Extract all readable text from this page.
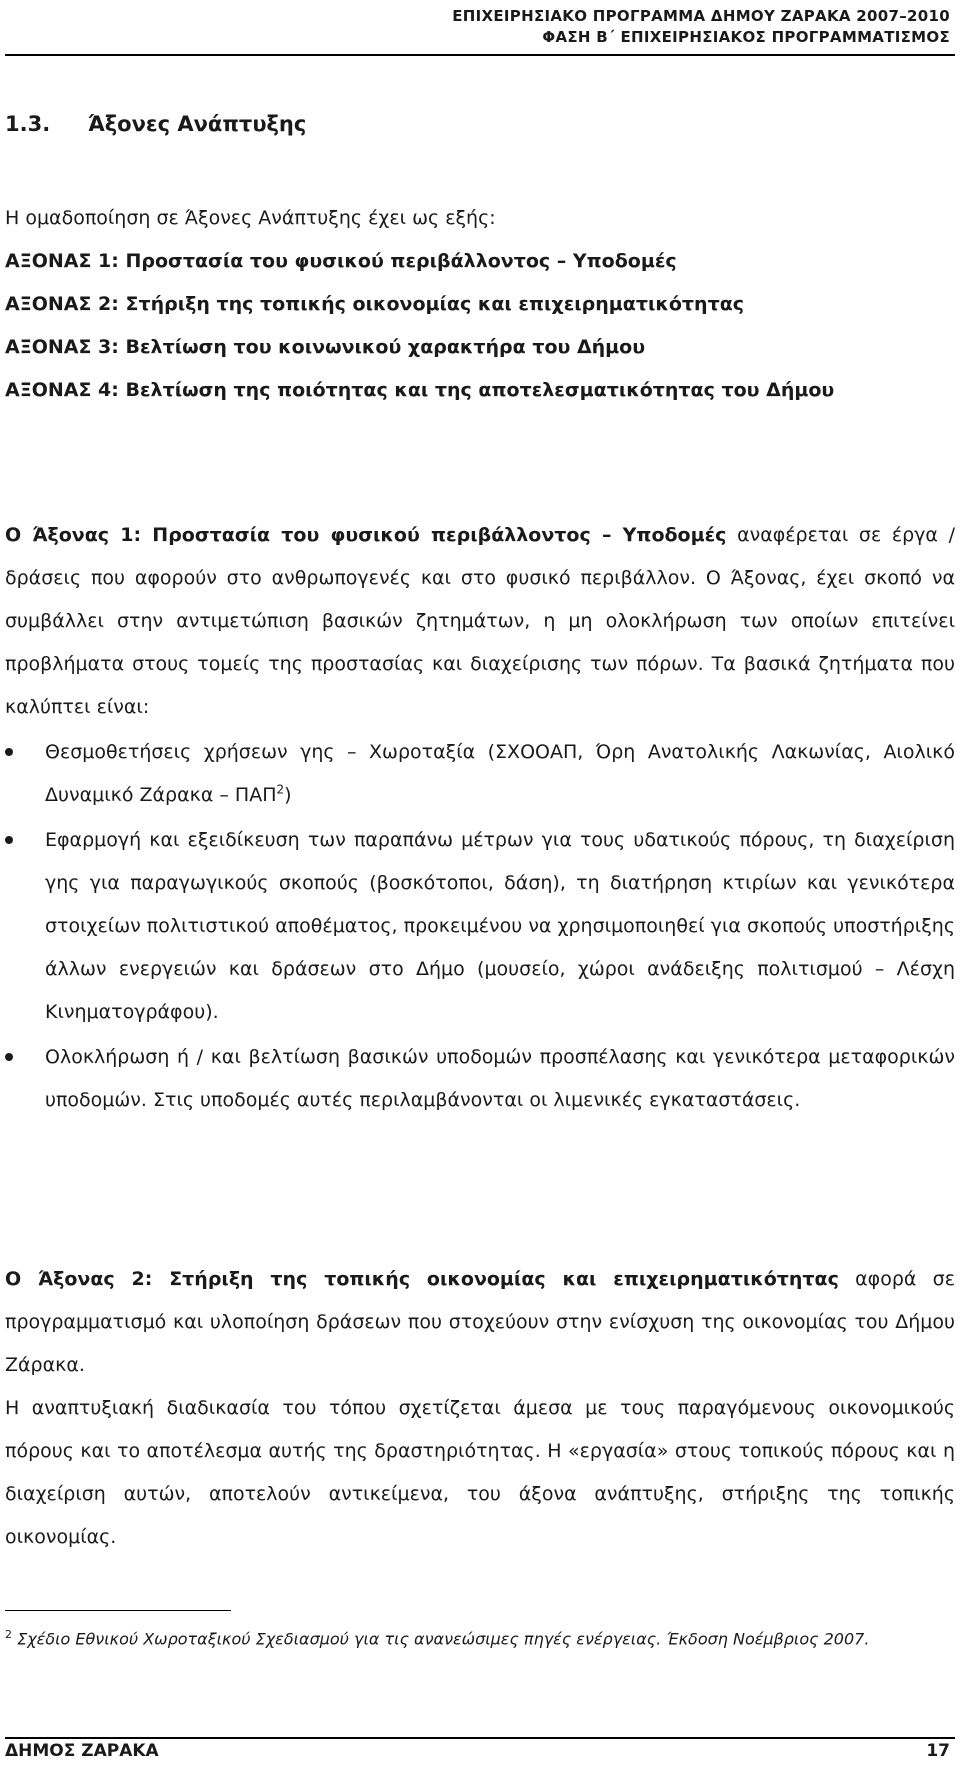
ΕΠΙΧΕΙΡΗΣΙΑΚΟ ΠΡΟΓΡΑΜΜΑ ΔΗΜΟΥ ΖΑΡΑΚΑ 2007–2010
ΦΑΣΗ Β΄ ΕΠΙΧΕΙΡΗΣΙΑΚΟΣ ΠΡΟΓΡΑΜΜΑΤΙΣΜΟΣ
1.3. Άξονες Ανάπτυξης

Η ομαδοποίηση σε Άξονες Ανάπτυξης έχει ως εξής:

ΑΞΟΝΑΣ 1: Προστασία του φυσικού περιβάλλοντος – Υποδομές

ΑΞΟΝΑΣ 2: Στήριξη της τοπικής οικονομίας και επιχειρηματικότητας

ΑΞΟΝΑΣ 3: Βελτίωση του κοινωνικού χαρακτήρα του Δήμου

ΑΞΟΝΑΣ 4: Βελτίωση της ποιότητας και της αποτελεσματικότητας του Δήμου

Ο Άξονας 1: Προστασία του φυσικού περιβάλλοντος – Υποδομές αναφέρεται σε έργα / δράσεις που αφορούν στο ανθρωπογενές και στο φυσικό περιβάλλον. Ο Άξονας, έχει σκοπό να συμβάλλει στην αντιμετώπιση βασικών ζητημάτων, η μη ολοκλήρωση των οποίων επιτείνει προβλήματα στους τομείς της προστασίας και διαχείρισης των πόρων. Τα βασικά ζητήματα που καλύπτει είναι:

Θεσμοθετήσεις χρήσεων γης – Χωροταξία (ΣΧΟΟΑΠ, Όρη Ανατολικής Λακωνίας, Αιολικό Δυναμικό Ζάρακα – ΠΑΠ$^2$)
Εφαρμογή και εξειδίκευση των παραπάνω μέτρων για τους υδατικούς πόρους, τη διαχείριση γης για παραγωγικούς σκοπούς (βοσκότοποι, δάση), τη διατήρηση κτιρίων και γενικότερα στοιχείων πολιτιστικού αποθέματος, προκειμένου να χρησιμοποιηθεί για σκοπούς υποστήριξης άλλων ενεργειών και δράσεων στο Δήμο (μουσείο, χώροι ανάδειξης πολιτισμού – Λέσχη Κινηματογράφου).
Ολοκλήρωση ή / και βελτίωση βασικών υποδομών προσπέλασης και γενικότερα μεταφορικών υποδομών. Στις υποδομές αυτές περιλαμβάνονται οι λιμενικές εγκαταστάσεις.

Ο Άξονας 2: Στήριξη της τοπικής οικονομίας και επιχειρηματικότητας αφορά σε προγραμματισμό και υλοποίηση δράσεων που στοχεύουν στην ενίσχυση της οικονομίας του Δήμου Ζάρακα.

Η αναπτυξιακή διαδικασία του τόπου σχετίζεται άμεσα με τους παραγόμενους οικονομικούς πόρους και το αποτέλεσμα αυτής της δραστηριότητας. Η «εργασία» στους τοπικούς πόρους και η διαχείριση αυτών, αποτελούν αντικείμενα, του άξονα ανάπτυξης, στήριξης της τοπικής οικονομίας.

$^2$ Σχέδιο Εθνικού Χωροταξικού Σχεδιασμού για τις ανανεώσιμες πηγές ενέργειας. Έκδοση Νοέμβριος 2007.
ΔΗΜΟΣ ΖΑΡΑΚΑ	17
